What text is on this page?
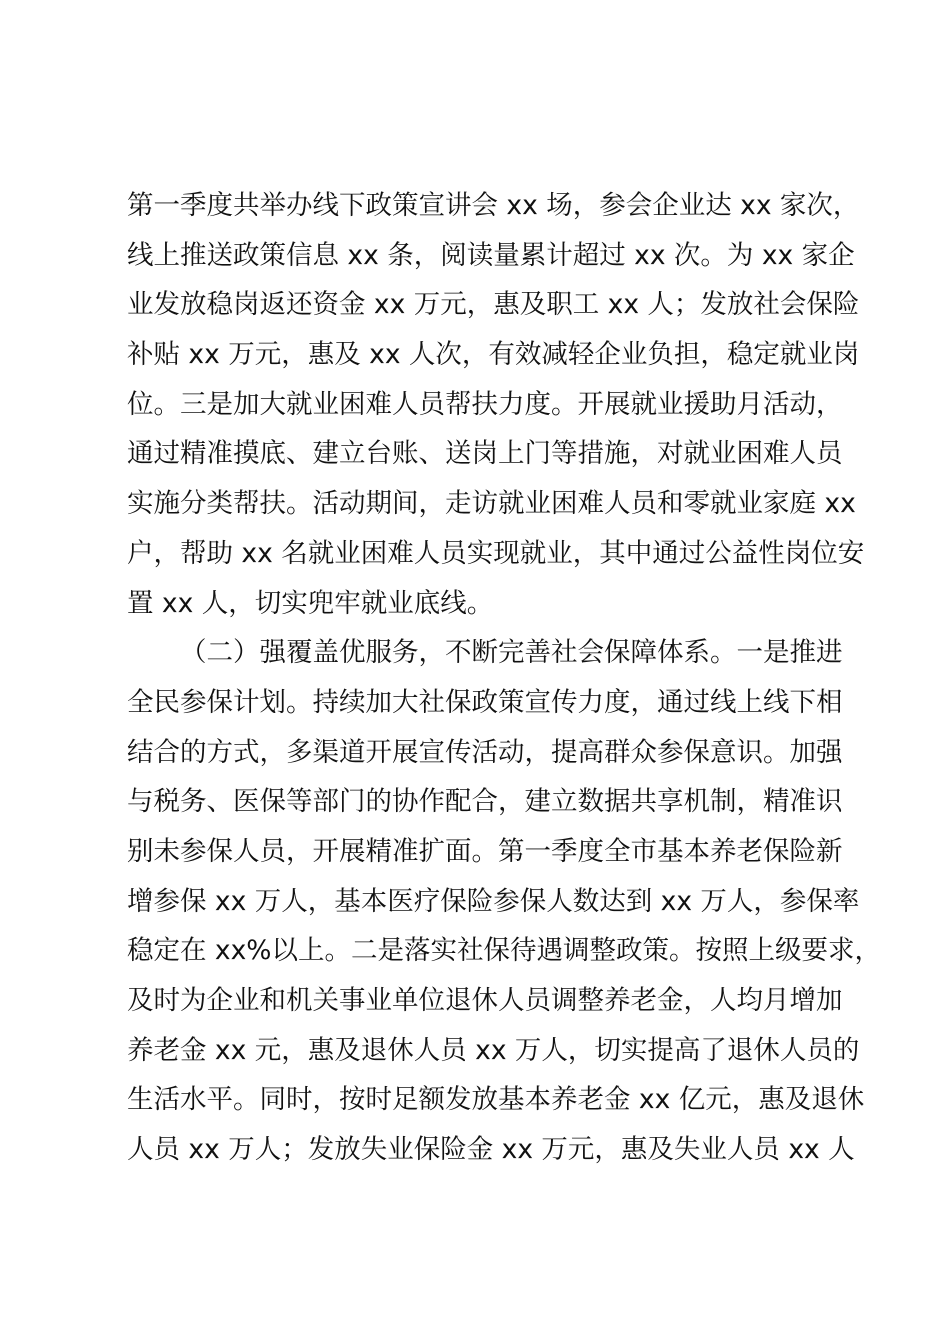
第一季度共举办线下政策宣讲会 xx 场，参会企业达 xx 家次，
线上推送政策信息 xx 条，阅读量累计超过 xx 次。为 xx 家企
业发放稳岗返还资金 xx 万元，惠及职工 xx 人；发放社会保险
补贴 xx 万元，惠及 xx 人次，有效减轻企业负担，稳定就业岗
位。三是加大就业困难人员帮扶力度。开展就业援助月活动，
通过精准摸底、建立台账、送岗上门等措施，对就业困难人员
实施分类帮扶。活动期间，走访就业困难人员和零就业家庭 xx
户，帮助 xx 名就业困难人员实现就业，其中通过公益性岗位安
置 xx 人，切实兜牢就业底线。
（二）强覆盖优服务，不断完善社会保障体系。一是推进
全民参保计划。持续加大社保政策宣传力度，通过线上线下相
结合的方式，多渠道开展宣传活动，提高群众参保意识。加强
与税务、医保等部门的协作配合，建立数据共享机制，精准识
别未参保人员，开展精准扩面。第一季度全市基本养老保险新
增参保 xx 万人，基本医疗保险参保人数达到 xx 万人，参保率
稳定在 xx%以上。二是落实社保待遇调整政策。按照上级要求，
及时为企业和机关事业单位退休人员调整养老金，人均月增加
养老金 xx 元，惠及退休人员 xx 万人，切实提高了退休人员的
生活水平。同时，按时足额发放基本养老金 xx 亿元，惠及退休
人员 xx 万人；发放失业保险金 xx 万元，惠及失业人员 xx 人
